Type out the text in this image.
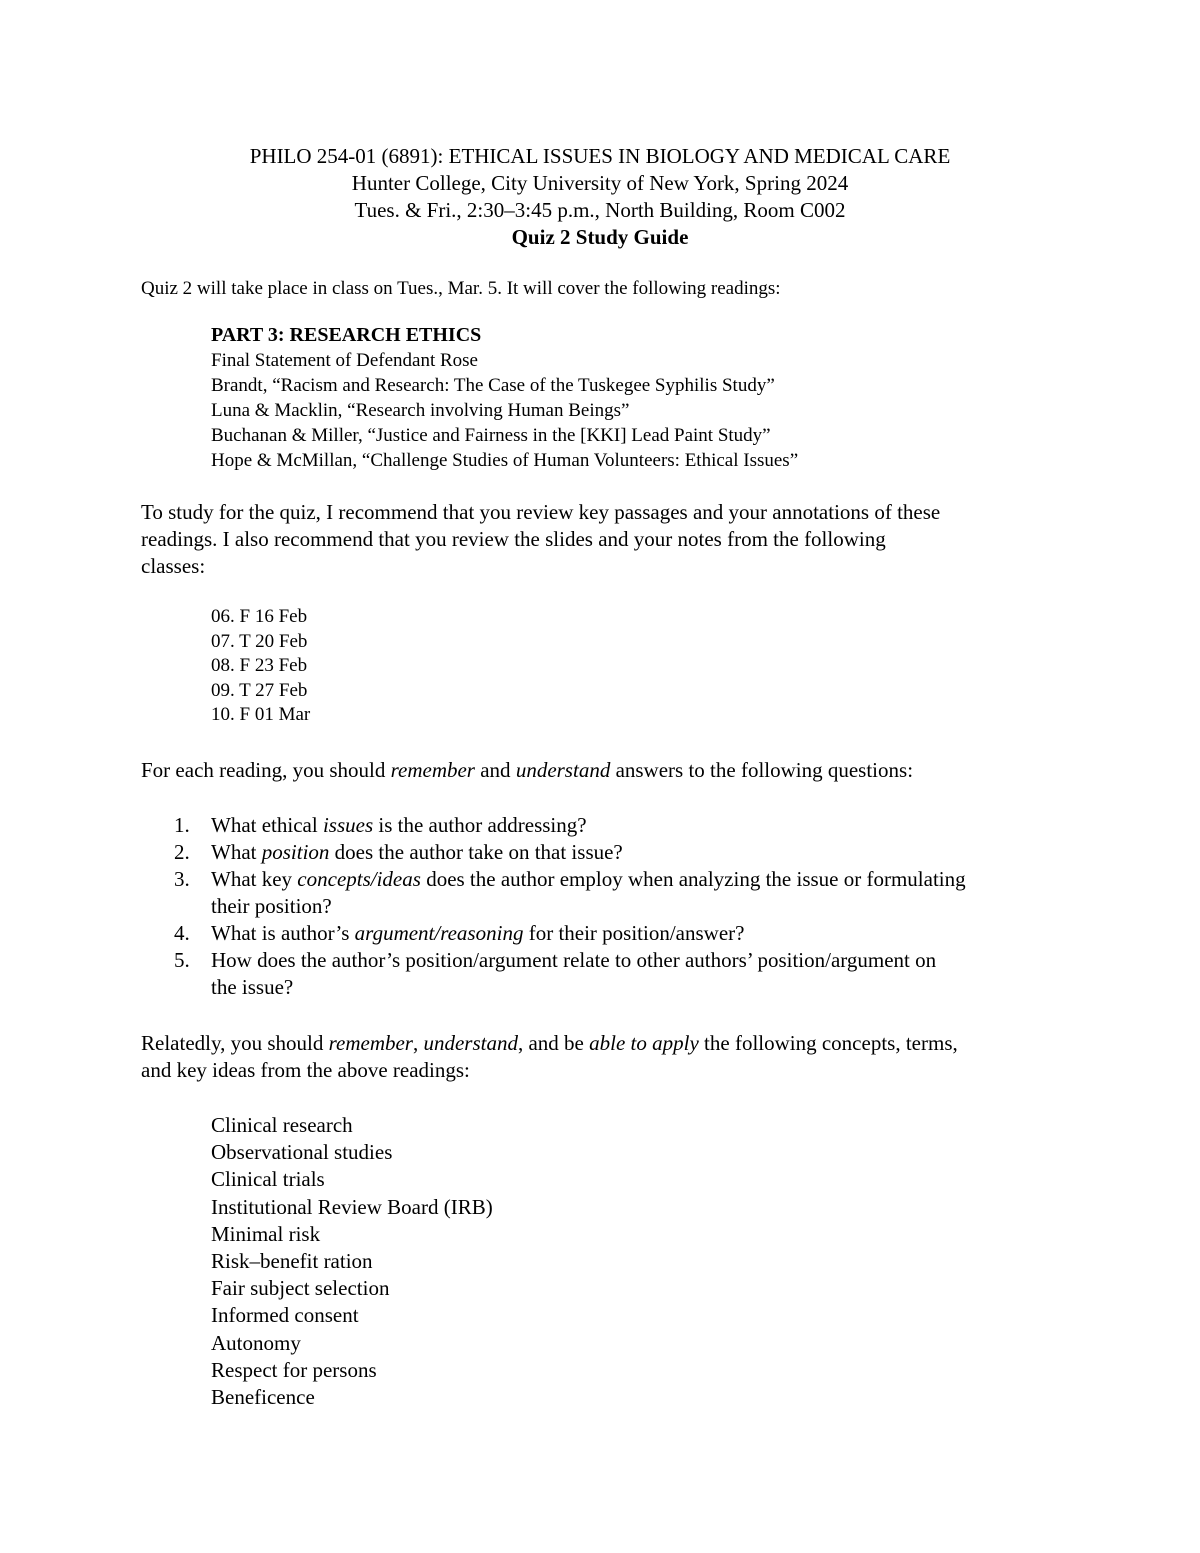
PHILO 254-01 (6891): ETHICAL ISSUES IN BIOLOGY AND MEDICAL CARE
Hunter College, City University of New York, Spring 2024
Tues. & Fri., 2:30–3:45 p.m., North Building, Room C002
Quiz 2 Study Guide
Quiz 2 will take place in class on Tues., Mar. 5. It will cover the following readings:
PART 3: RESEARCH ETHICS
Final Statement of Defendant Rose
Brandt, “Racism and Research: The Case of the Tuskegee Syphilis Study”
Luna & Macklin, “Research involving Human Beings”
Buchanan & Miller, “Justice and Fairness in the [KKI] Lead Paint Study”
Hope & McMillan, “Challenge Studies of Human Volunteers: Ethical Issues”
To study for the quiz, I recommend that you review key passages and your annotations of these
readings. I also recommend that you review the slides and your notes from the following
classes:
06. F 16 Feb
07. T 20 Feb
08. F 23 Feb
09. T 27 Feb
10. F 01 Mar
For each reading, you should remember and understand answers to the following questions:
1. What ethical issues is the author addressing?
2. What position does the author take on that issue?
3. What key concepts/ideas does the author employ when analyzing the issue or formulating
their position?
4. What is author’s argument/reasoning for their position/answer?
5. How does the author’s position/argument relate to other authors’ position/argument on
the issue?
Relatedly, you should remember, understand, and be able to apply the following concepts, terms,
and key ideas from the above readings:
Clinical research
Observational studies
Clinical trials
Institutional Review Board (IRB)
Minimal risk
Risk–benefit ration
Fair subject selection
Informed consent
Autonomy
Respect for persons
Beneficence
